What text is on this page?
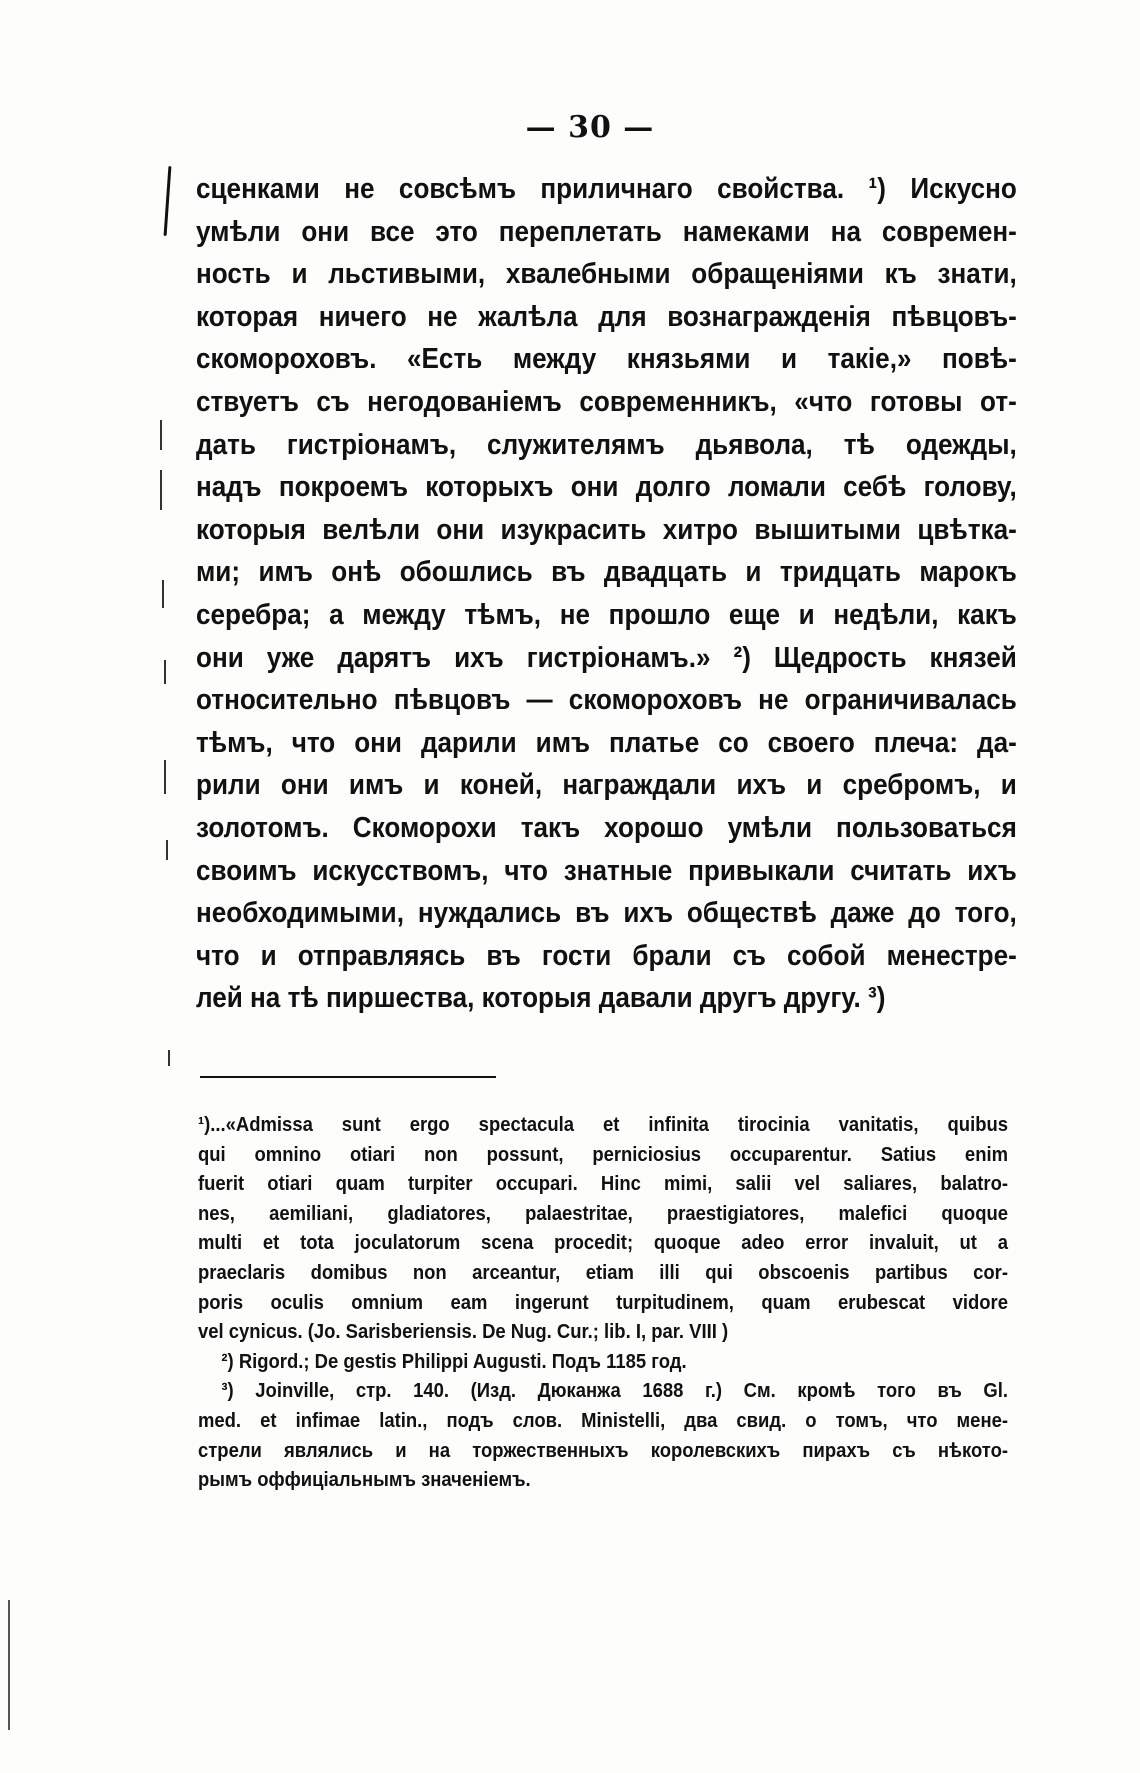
— 30 —
сценками не совсѣмъ приличнаго свойства. ¹) Искусно
умѣли они все это переплетать намеками на современ-
ность и льстивыми, хвалебными обращеніями къ знати,
которая ничего не жалѣла для вознагражденія пѣвцовъ-
скомороховъ. «Есть между князьями и такіе,» повѣ-
ствуетъ съ негодованіемъ современникъ, «что готовы от-
дать гистріонамъ, служителямъ дьявола, тѣ одежды,
надъ покроемъ которыхъ они долго ломали себѣ голову,
которыя велѣли они изукрасить хитро вышитыми цвѣтка-
ми; имъ онѣ обошлись въ двадцать и тридцать марокъ
серебра; а между тѣмъ, не прошло еще и недѣли, какъ
они уже дарятъ ихъ гистріонамъ.» ²) Щедрость князей
относительно пѣвцовъ — скомороховъ не ограничивалась
тѣмъ, что они дарили имъ платье со своего плеча: да-
рили они имъ и коней, награждали ихъ и сребромъ, и
золотомъ. Скоморохи такъ хорошо умѣли пользоваться
своимъ искусствомъ, что знатные привыкали считать ихъ
необходимыми, нуждались въ ихъ обществѣ даже до того,
что и отправляясь въ гости брали съ собой менестре-
лей на тѣ пиршества, которыя давали другъ другу. ³)
¹)...«Admissa sunt ergo spectacula et infinita tirocinia vanitatis, quibus
qui omnino otiari non possunt, perniciosius occuparentur. Satius enim
fuerit otiari quam turpiter occupari. Hinc mimi, salii vel saliares, balatro-
nes, aemiliani, gladiatores, palaestritae, praestigiatores, malefici quoque
multi et tota joculatorum scena procedit; quoque adeo error invaluit, ut a
praeclaris domibus non arceantur, etiam illi qui obscoenis partibus cor-
poris oculis omnium eam ingerunt turpitudinem, quam erubescat vidore
vel cynicus. (Jo. Sarisberiensis. De Nug. Cur.; lib. I, par. VIII )
²) Rigord.; De gestis Philippi Augusti. Подъ 1185 год.
³) Joinville, стр. 140. (Изд. Дюканжа 1688 г.) См. кромѣ того въ Gl.
med. et infimae latin., подъ слов. Ministelli, два свид. о томъ, что мене-
стрели являлись и на торжественныхъ королевскихъ пирахъ съ нѣкото-
рымъ оффиціальнымъ значеніемъ.
